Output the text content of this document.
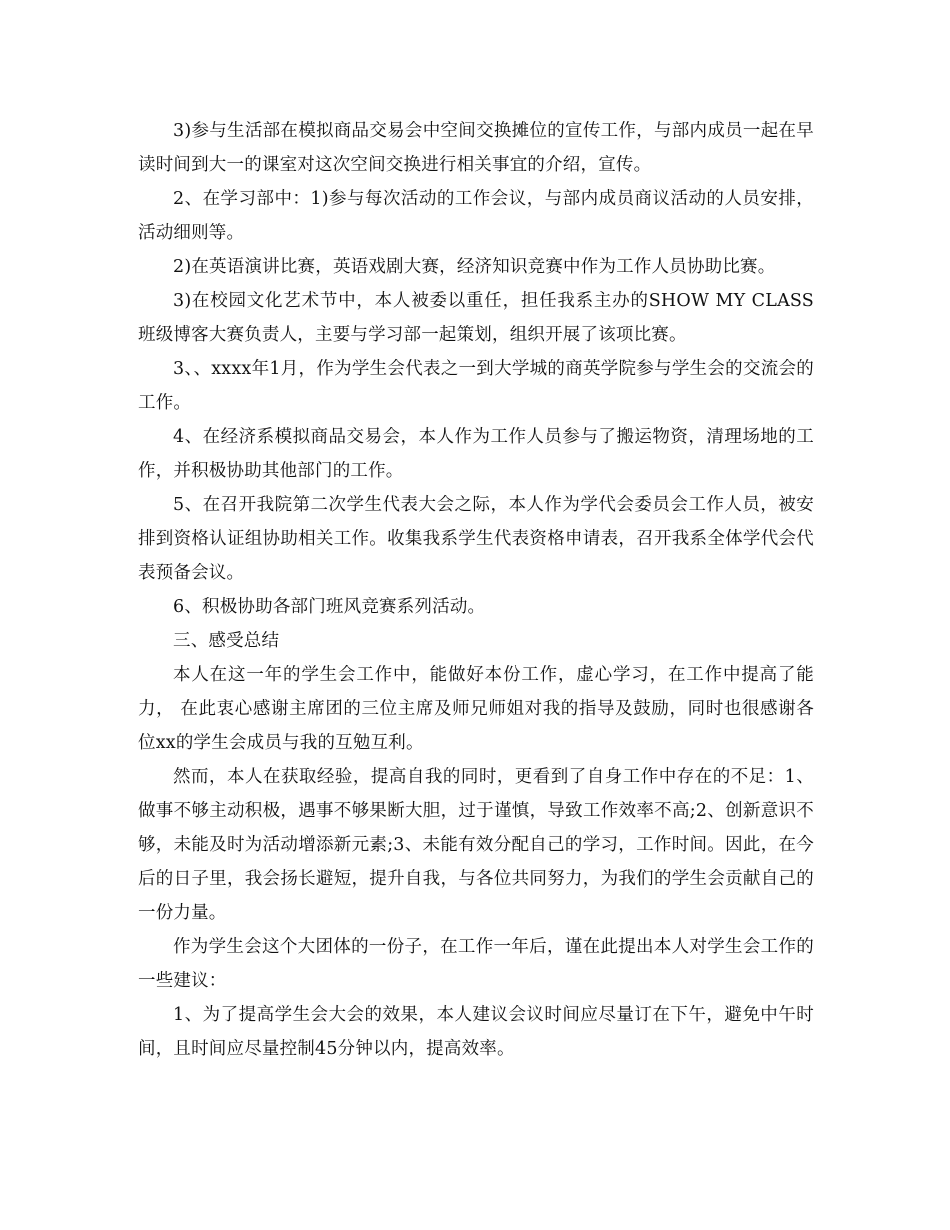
3)参与生活部在模拟商品交易会中空间交换摊位的宣传工作，与部内成员一起在早读时间到大一的课室对这次空间交换进行相关事宜的介绍，宣传。

2、在学习部中：1)参与每次活动的工作会议，与部内成员商议活动的人员安排，活动细则等。

2)在英语演讲比赛，英语戏剧大赛，经济知识竞赛中作为工作人员协助比赛。

3)在校园文化艺术节中，本人被委以重任，担任我系主办的SHOW MY CLASS班级博客大赛负责人，主要与学习部一起策划，组织开展了该项比赛。

3、、xxxx年1月，作为学生会代表之一到大学城的商英学院参与学生会的交流会的工作。

4、在经济系模拟商品交易会，本人作为工作人员参与了搬运物资，清理场地的工作，并积极协助其他部门的工作。

5、在召开我院第二次学生代表大会之际，本人作为学代会委员会工作人员，被安排到资格认证组协助相关工作。收集我系学生代表资格申请表，召开我系全体学代会代表预备会议。

6、积极协助各部门班风竞赛系列活动。

三、感受总结

本人在这一年的学生会工作中，能做好本份工作，虚心学习，在工作中提高了能力， 在此衷心感谢主席团的三位主席及师兄师姐对我的指导及鼓励，同时也很感谢各位xx的学生会成员与我的互勉互利。

然而，本人在获取经验，提高自我的同时，更看到了自身工作中存在的不足：1、做事不够主动积极，遇事不够果断大胆，过于谨慎，导致工作效率不高;2、创新意识不够，未能及时为活动增添新元素;3、未能有效分配自己的学习，工作时间。因此，在今后的日子里，我会扬长避短，提升自我，与各位共同努力，为我们的学生会贡献自己的一份力量。

作为学生会这个大团体的一份子，在工作一年后，谨在此提出本人对学生会工作的一些建议：

1、为了提高学生会大会的效果，本人建议会议时间应尽量订在下午，避免中午时间，且时间应尽量控制45分钟以内，提高效率。
